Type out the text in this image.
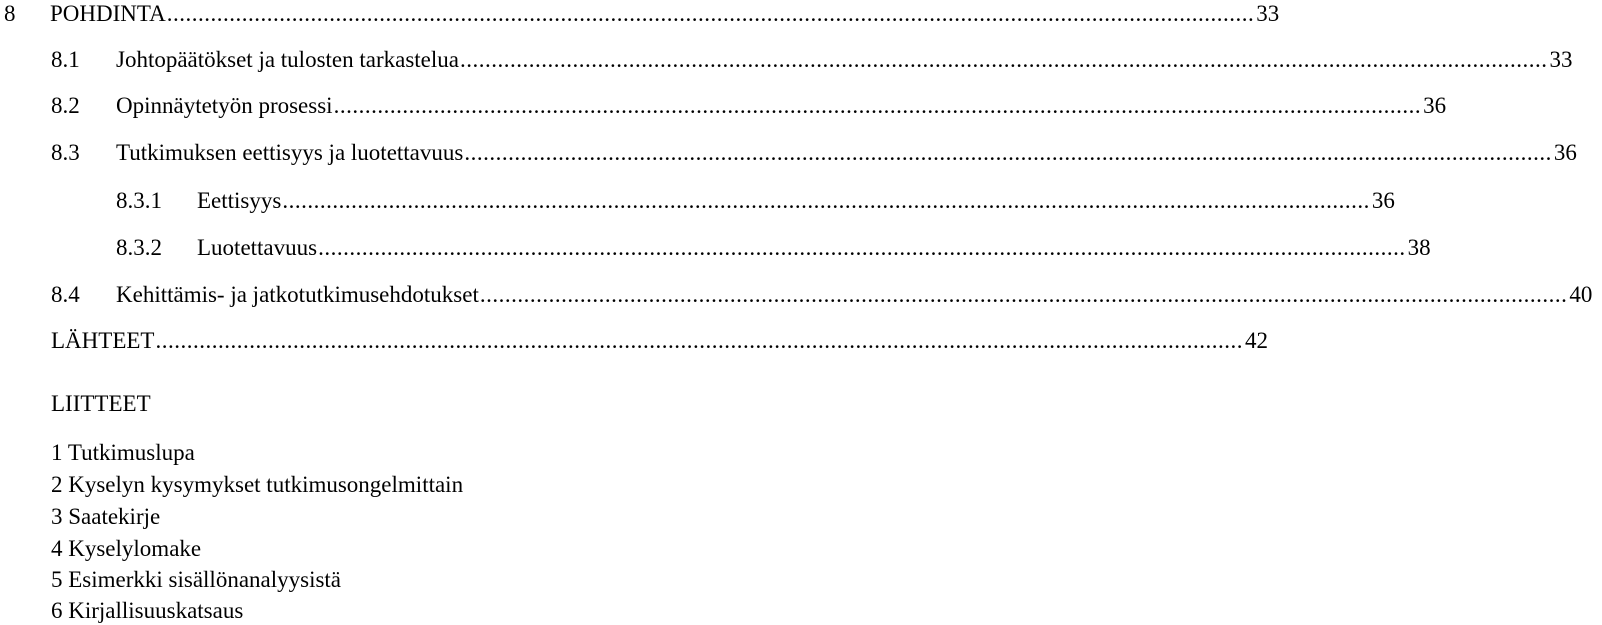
8 POHDINTA .............................................................................................................................................................................. 33
8.1 Johtopäätökset ja tulosten tarkastelua .............................................................................................................................................................................. 33
8.2 Opinnäytetyön prosessi .............................................................................................................................................................................. 36
8.3 Tutkimuksen eettisyys ja luotettavuus .............................................................................................................................................................................. 36
8.3.1 Eettisyys .............................................................................................................................................................................. 36
8.3.2 Luotettavuus .............................................................................................................................................................................. 38
8.4 Kehittämis- ja jatkotutkimusehdotukset .............................................................................................................................................................................. 40
LÄHTEET .............................................................................................................................................................................. 42
LIITTEET
1 Tutkimuslupa
2 Kyselyn kysymykset tutkimusongelmittain
3 Saatekirje
4 Kyselylomake
5 Esimerkki sisällönanalyysistä
6 Kirjallisuuskatsaus
